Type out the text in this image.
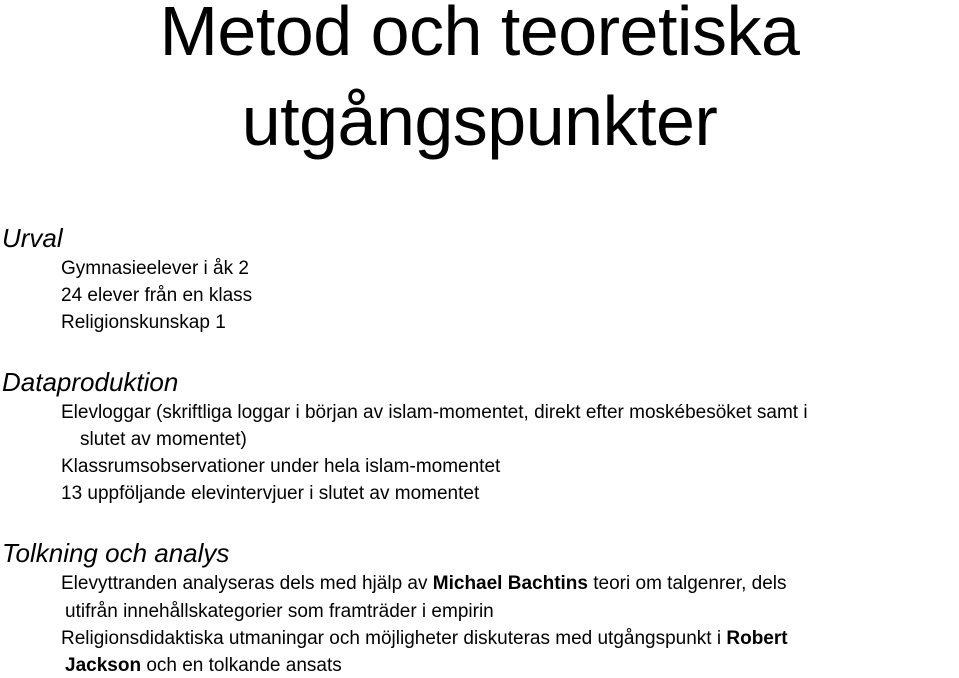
Metod och teoretiska
utgångspunkter
Urval

Gymnasieelever i åk 2

24 elever från en klass

Religionskunskap 1

Dataproduktion

Elevloggar (skriftliga loggar i början av islam-momentet, direkt efter moskébesöket samt i

slutet av momentet)

Klassrumsobservationer under hela islam-momentet

13 uppföljande elevintervjuer i slutet av momentet

Tolkning och analys

Elevyttranden analyseras dels med hjälp av Michael Bachtins teori om talgenrer, dels

utifrån innehållskategorier som framträder i empirin

Religionsdidaktiska utmaningar och möjligheter diskuteras med utgångspunkt i Robert

Jackson och en tolkande ansats
